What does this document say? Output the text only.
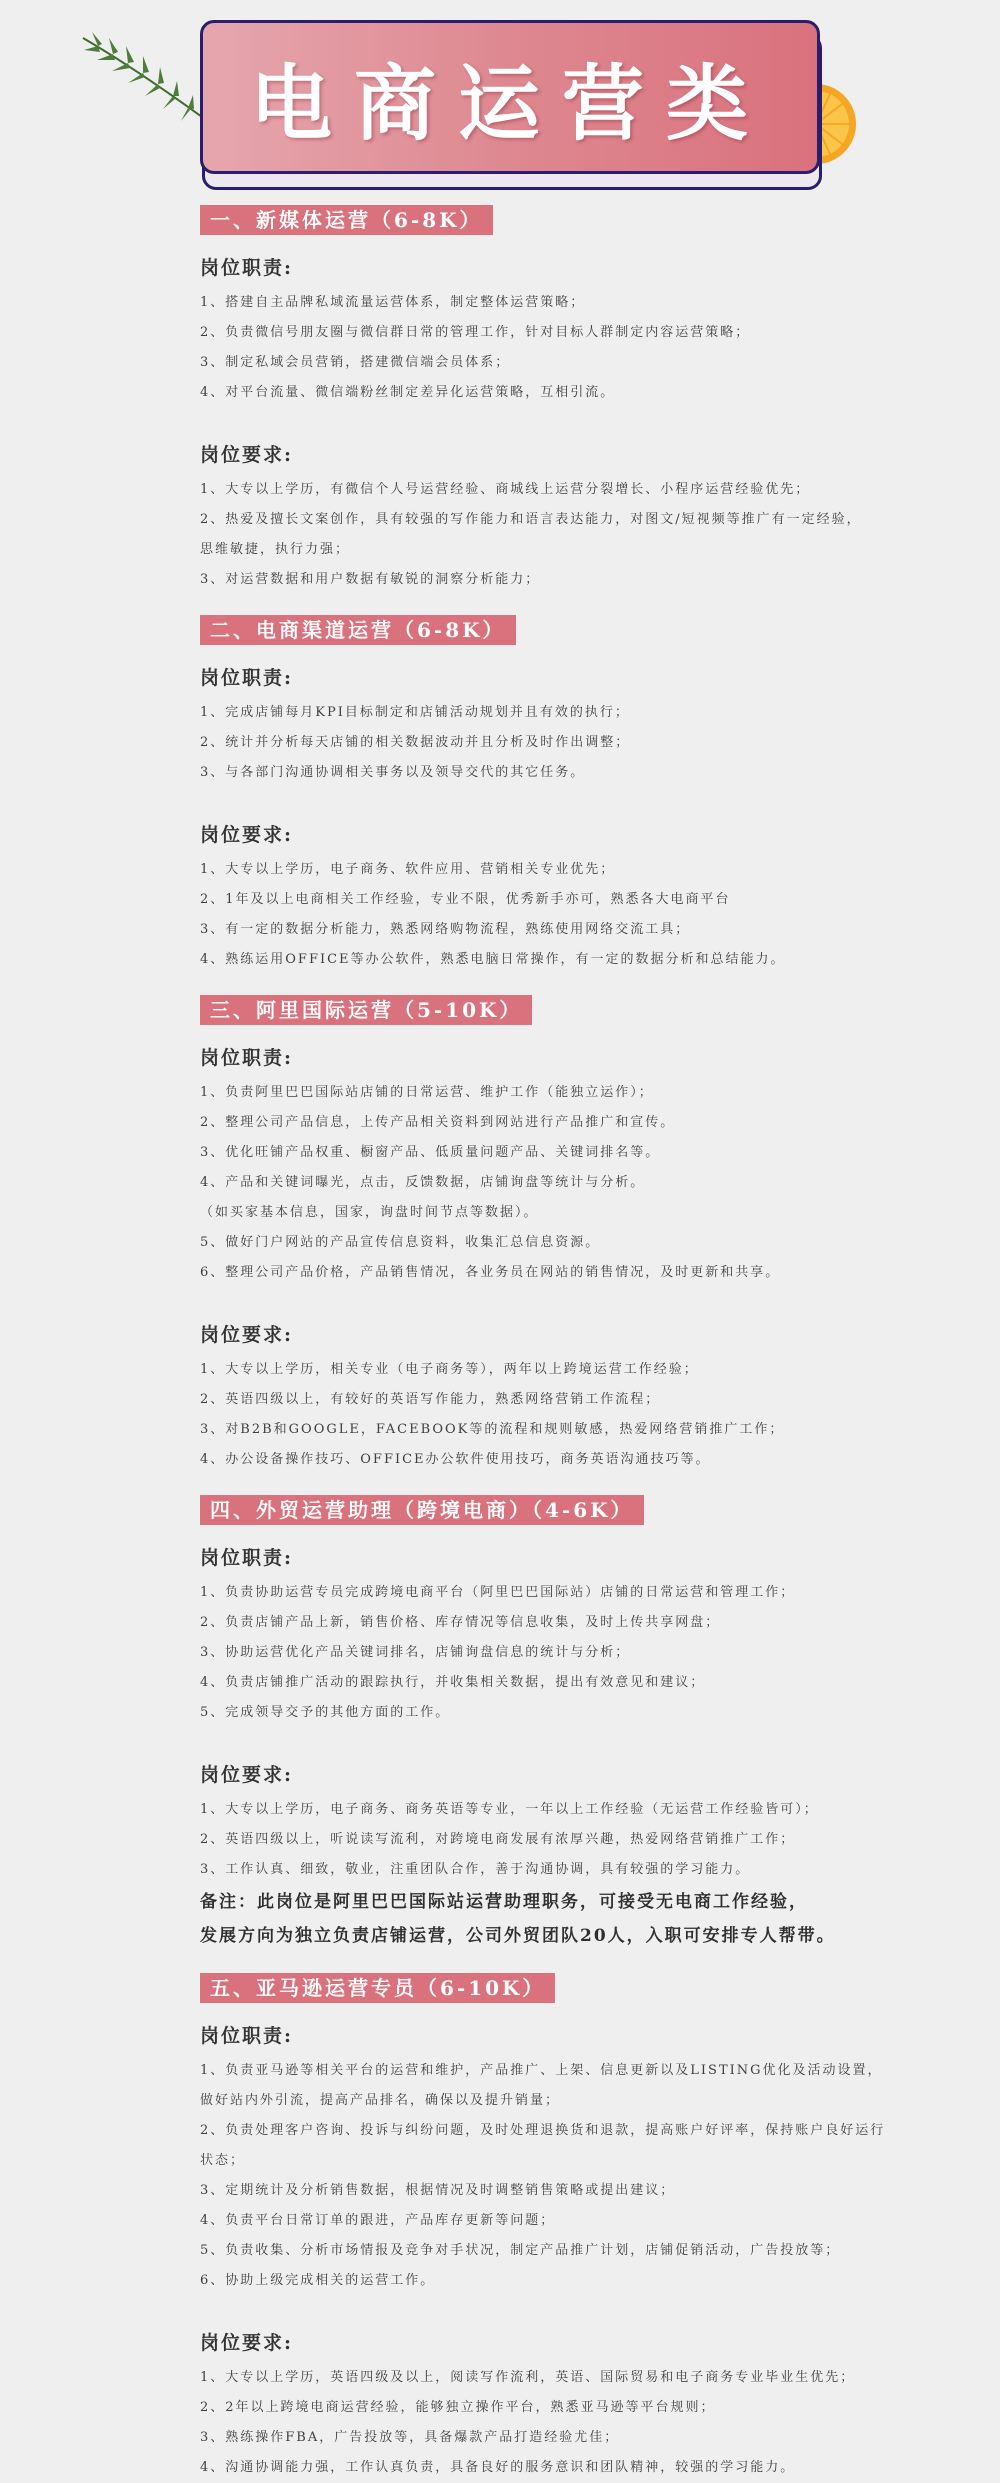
电商运营类
一、新媒体运营（6-8K）
岗位职责:
1、搭建自主品牌私域流量运营体系，制定整体运营策略；
2、负责微信号朋友圈与微信群日常的管理工作，针对目标人群制定内容运营策略；
3、制定私域会员营销，搭建微信端会员体系；
4、对平台流量、微信端粉丝制定差异化运营策略，互相引流。
岗位要求:
1、大专以上学历，有微信个人号运营经验、商城线上运营分裂增长、小程序运营经验优先；
2、热爱及擅长文案创作，具有较强的写作能力和语言表达能力，对图文/短视频等推广有一定经验，
思维敏捷，执行力强；
3、对运营数据和用户数据有敏锐的洞察分析能力；
二、电商渠道运营（6-8K）
岗位职责:
1、完成店铺每月KPI目标制定和店铺活动规划并且有效的执行；
2、统计并分析每天店铺的相关数据波动并且分析及时作出调整；
3、与各部门沟通协调相关事务以及领导交代的其它任务。
岗位要求:
1、大专以上学历，电子商务、软件应用、营销相关专业优先；
2、1年及以上电商相关工作经验，专业不限，优秀新手亦可，熟悉各大电商平台
3、有一定的数据分析能力，熟悉网络购物流程，熟练使用网络交流工具；
4、熟练运用OFFICE等办公软件，熟悉电脑日常操作，有一定的数据分析和总结能力。
三、阿里国际运营（5-10K）
岗位职责:
1、负责阿里巴巴国际站店铺的日常运营、维护工作（能独立运作）；
2、整理公司产品信息，上传产品相关资料到网站进行产品推广和宣传。
3、优化旺铺产品权重、橱窗产品、低质量问题产品、关键词排名等。
4、产品和关键词曝光，点击，反馈数据，店铺询盘等统计与分析。
（如买家基本信息，国家，询盘时间节点等数据）。
5、做好门户网站的产品宣传信息资料，收集汇总信息资源。
6、整理公司产品价格，产品销售情况，各业务员在网站的销售情况，及时更新和共享。
岗位要求:
1、大专以上学历，相关专业（电子商务等），两年以上跨境运营工作经验；
2、英语四级以上，有较好的英语写作能力，熟悉网络营销工作流程；
3、对B2B和GOOGLE，FACEBOOK等的流程和规则敏感，热爱网络营销推广工作；
4、办公设备操作技巧、OFFICE办公软件使用技巧，商务英语沟通技巧等。
四、外贸运营助理（跨境电商）（4-6K）
岗位职责:
1、负责协助运营专员完成跨境电商平台（阿里巴巴国际站）店铺的日常运营和管理工作；
2、负责店铺产品上新，销售价格、库存情况等信息收集，及时上传共享网盘；
3、协助运营优化产品关键词排名，店铺询盘信息的统计与分析；
4、负责店铺推广活动的跟踪执行，并收集相关数据，提出有效意见和建议；
5、完成领导交予的其他方面的工作。
岗位要求:
1、大专以上学历，电子商务、商务英语等专业，一年以上工作经验（无运营工作经验皆可）；
2、英语四级以上，听说读写流利，对跨境电商发展有浓厚兴趣，热爱网络营销推广工作；
3、工作认真、细致，敬业，注重团队合作，善于沟通协调，具有较强的学习能力。
备注：此岗位是阿里巴巴国际站运营助理职务，可接受无电商工作经验，
发展方向为独立负责店铺运营，公司外贸团队20人，入职可安排专人帮带。
五、亚马逊运营专员（6-10K）
岗位职责:
1、负责亚马逊等相关平台的运营和维护，产品推广、上架、信息更新以及LISTING优化及活动设置，
做好站内外引流，提高产品排名，确保以及提升销量；
2、负责处理客户咨询、投诉与纠纷问题，及时处理退换货和退款，提高账户好评率，保持账户良好运行
状态；
3、定期统计及分析销售数据，根据情况及时调整销售策略或提出建议；
4、负责平台日常订单的跟进，产品库存更新等问题；
5、负责收集、分析市场情报及竞争对手状况，制定产品推广计划，店铺促销活动，广告投放等；
6、协助上级完成相关的运营工作。
岗位要求:
1、大专以上学历，英语四级及以上，阅读写作流利，英语、国际贸易和电子商务专业毕业生优先；
2、2年以上跨境电商运营经验，能够独立操作平台，熟悉亚马逊等平台规则；
3、熟练操作FBA，广告投放等，具备爆款产品打造经验尤佳；
4、沟通协调能力强，工作认真负责，具备良好的服务意识和团队精神，较强的学习能力。
